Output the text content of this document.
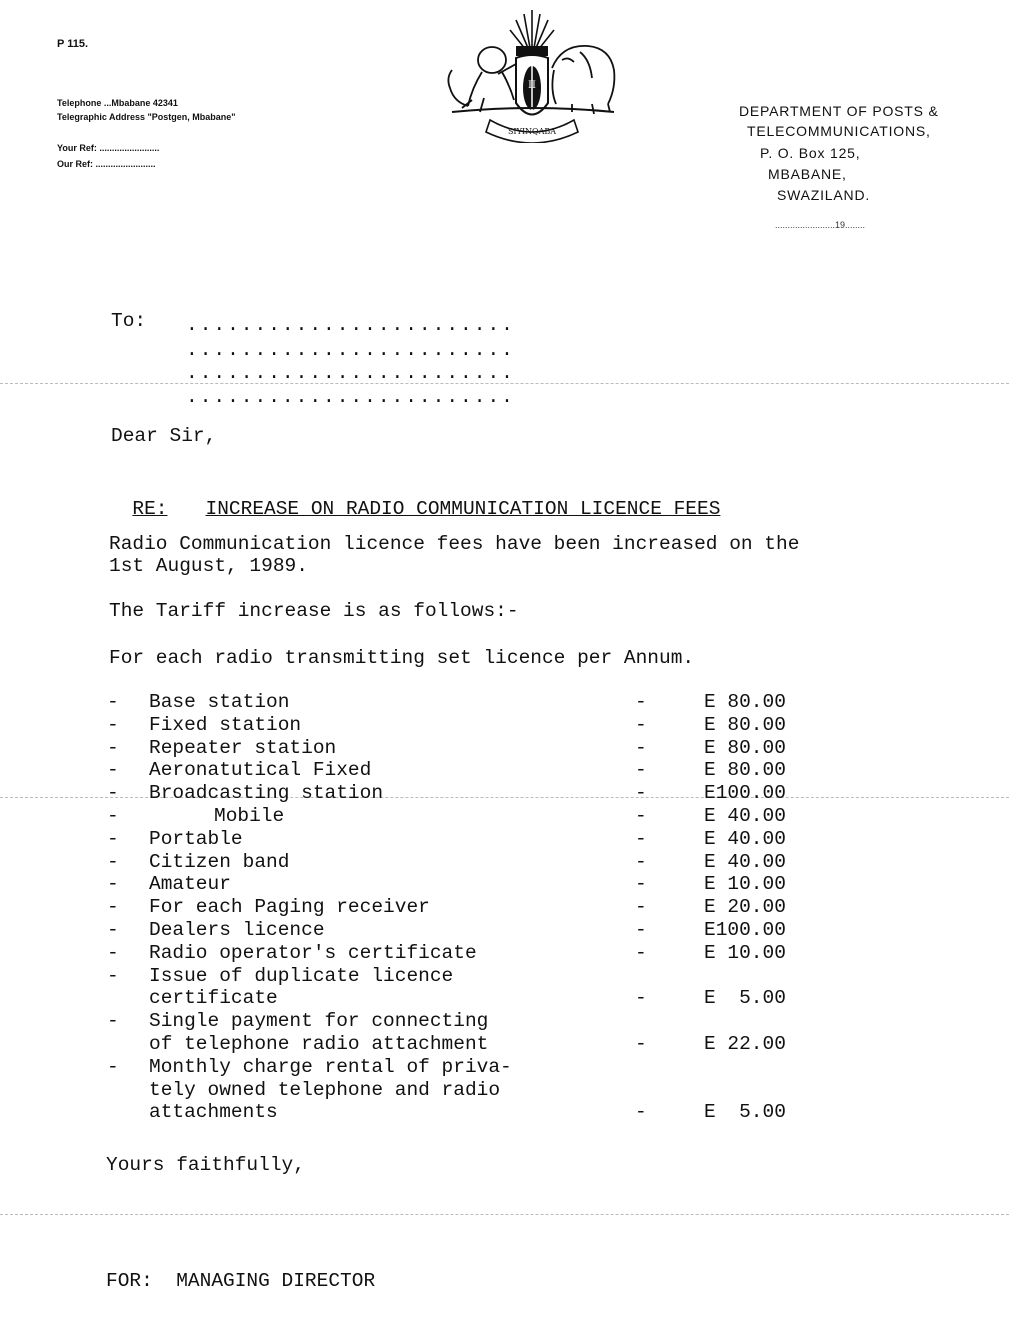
P 115.
Telephone ...Mbabane 42341
Telegraphic Address "Postgen, Mbabane"
Your Ref: ........................
Our Ref: ........................
II
SIYINQABA
DEPARTMENT OF POSTS &
TELECOMMUNICATIONS,
P. O. Box 125,
MBABANE,
SWAZILAND.
........................19........
To: ........................
........................
........................
........................
Dear Sir,

RE: INCREASE ON RADIO COMMUNICATION LICENCE FEES

Radio Communication licence fees have been increased on the
1st August, 1989.
The Tariff increase is as follows:-
For each radio transmitting set licence per Annum.
- Base station	-	E 80.00
- Fixed station	-	E 80.00
- Repeater station	-	E 80.00
- Aeronatutical Fixed	-	E 80.00
- Broadcasting station	-	E100.00
-	Mobile	-	E 40.00
- Portable	-	E 40.00
- Citizen band	-	E 40.00
- Amateur	-	E 10.00
- For each Paging receiver	-	E 20.00
- Dealers licence	-	E100.00
- Radio operator's certificate	-	E 10.00
- Issue of duplicate licence
certificate	-	E  5.00
- Single payment for connecting
of telephone radio attachment	-	E 22.00
- Monthly charge rental of priva-
tely owned telephone and radio
attachments	-	E  5.00
Yours faithfully,
FOR:  MANAGING DIRECTOR
